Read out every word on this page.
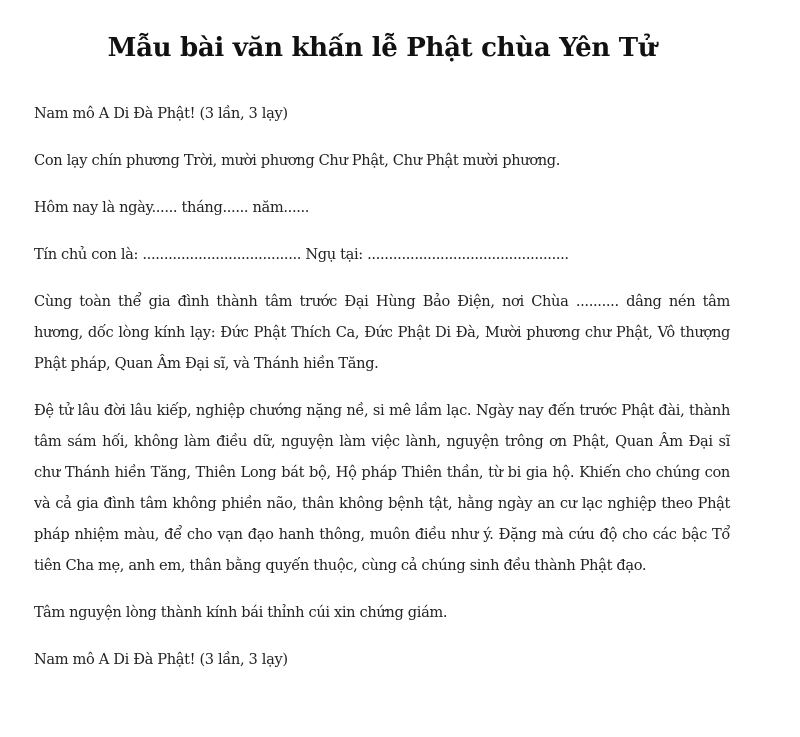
Mẫu bài văn khấn lễ Phật chùa Yên Tử

Nam mô A Di Đà Phật! (3 lần, 3 lạy)

Con lạy chín phương Trời, mười phương Chư Phật, Chư Phật mười phương.

Hôm nay là ngày...... tháng...... năm......

Tín chủ con là: ..................................... Ngụ tại: ...............................................

Cùng toàn thể gia đình thành tâm trước Đại Hùng Bảo Điện, nơi Chùa .......... dâng nén tâm hương, dốc lòng kính lạy: Đức Phật Thích Ca, Đức Phật Di Đà, Mười phương chư Phật, Vô thượng Phật pháp, Quan Âm Đại sĩ, và Thánh hiền Tăng.

Đệ tử lâu đời lâu kiếp, nghiệp chướng nặng nề, si mê lầm lạc. Ngày nay đến trước Phật đài, thành tâm sám hối, không làm điều dữ, nguyện làm việc lành, nguyện trông ơn Phật, Quan Âm Đại sĩ chư Thánh hiền Tăng, Thiên Long bát bộ, Hộ pháp Thiên thần, từ bi gia hộ. Khiến cho chúng con và cả gia đình tâm không phiền não, thân không bệnh tật, hằng ngày an cư lạc nghiệp theo Phật pháp nhiệm màu, để cho vạn đạo hanh thông, muôn điều như ý. Đặng mà cứu độ cho các bậc Tổ tiên Cha mẹ, anh em, thân bằng quyến thuộc, cùng cả chúng sinh đều thành Phật đạo.

Tâm nguyện lòng thành kính bái thỉnh cúi xin chứng giám.

Nam mô A Di Đà Phật! (3 lần, 3 lạy)
